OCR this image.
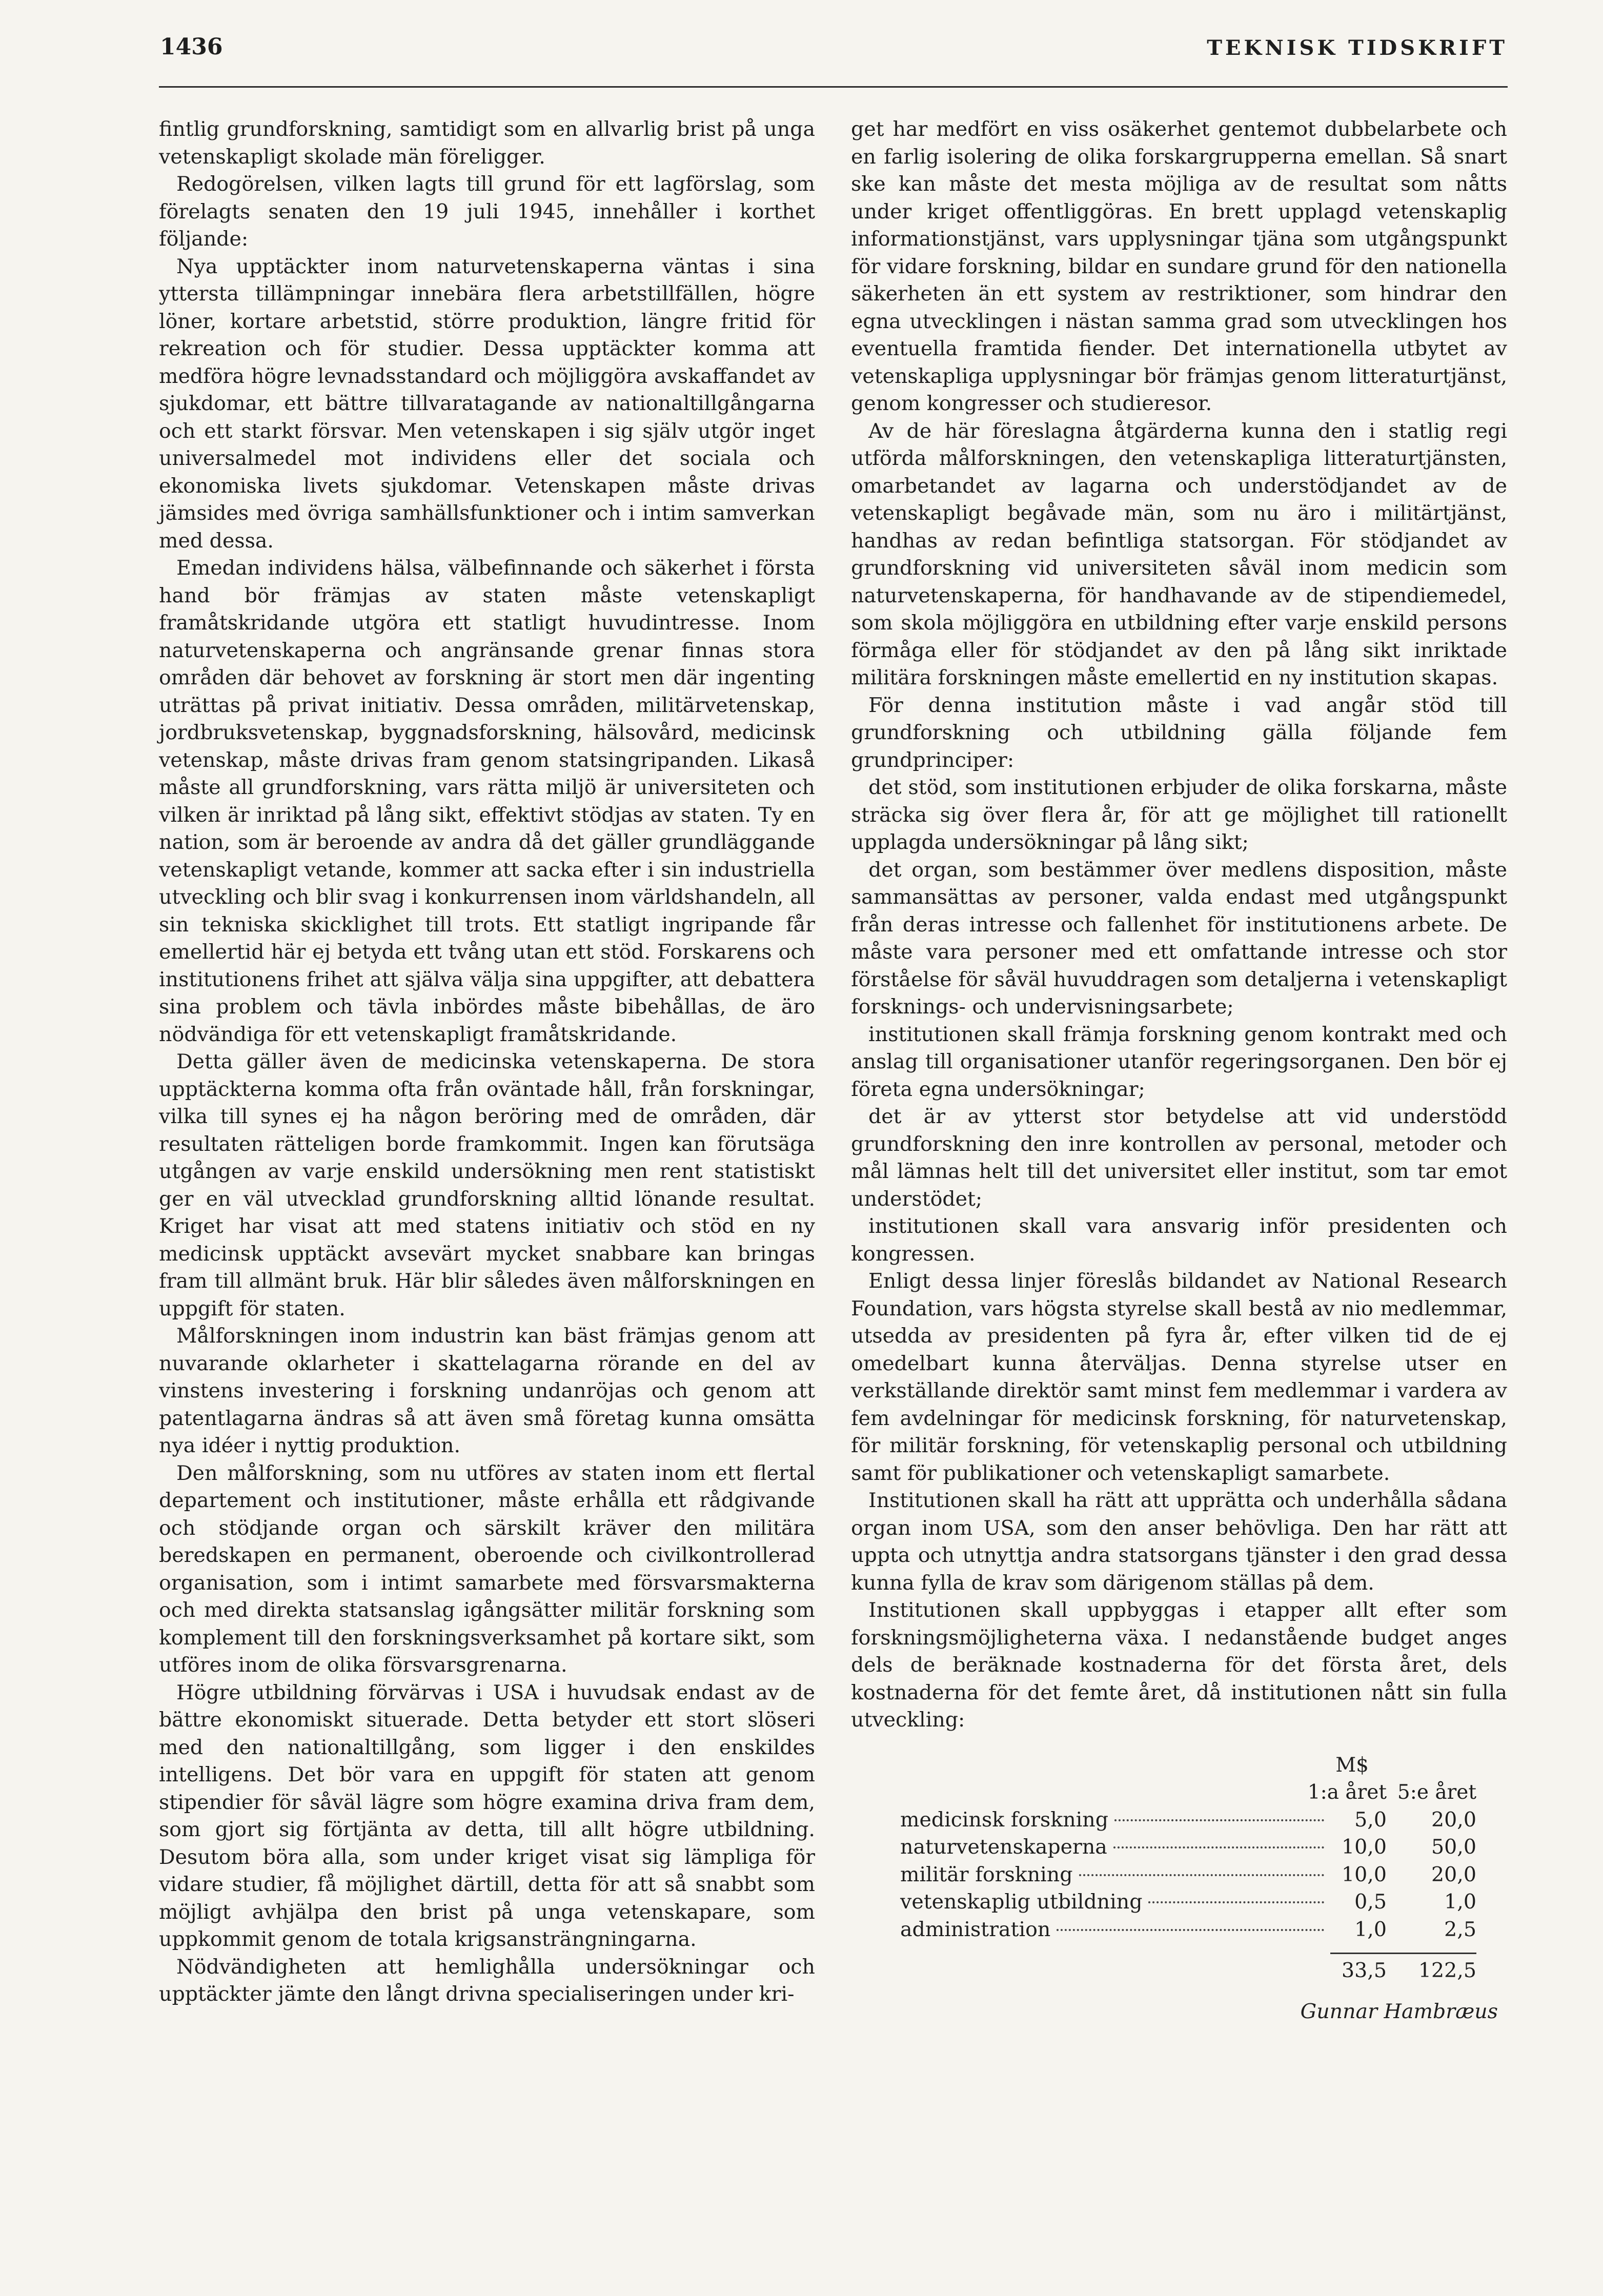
1436	TEKNISK TIDSKRIFT

fintlig grundforskning, samtidigt som en allvarlig brist på unga vetenskapligt skolade män föreligger.

Redogörelsen, vilken lagts till grund för ett lagförslag, som förelagts senaten den 19 juli 1945, innehåller i korthet följande:

Nya upptäckter inom naturvetenskaperna väntas i sina yttersta tillämpningar innebära flera arbetstillfällen, högre löner, kortare arbetstid, större produktion, längre fritid för rekreation och för studier. Dessa upptäckter komma att medföra högre levnadsstandard och möjliggöra avskaffandet av sjukdomar, ett bättre tillvaratagande av nationaltillgångarna och ett starkt försvar. Men vetenskapen i sig själv utgör inget universalmedel mot individens eller det sociala och ekonomiska livets sjukdomar. Vetenskapen måste drivas jämsides med övriga samhällsfunktioner och i intim samverkan med dessa.

Emedan individens hälsa, välbefinnande och säkerhet i första hand bör främjas av staten måste vetenskapligt framåtskridande utgöra ett statligt huvudintresse. Inom naturvetenskaperna och angränsande grenar finnas stora områden där behovet av forskning är stort men där ingenting uträttas på privat initiativ. Dessa områden, militärvetenskap, jordbruksvetenskap, byggnadsforskning, hälsovård, medicinsk vetenskap, måste drivas fram genom statsingripanden. Likaså måste all grundforskning, vars rätta miljö är universiteten och vilken är inriktad på lång sikt, effektivt stödjas av staten. Ty en nation, som är beroende av andra då det gäller grundläggande vetenskapligt vetande, kommer att sacka efter i sin industriella utveckling och blir svag i konkurrensen inom världshandeln, all sin tekniska skicklighet till trots. Ett statligt ingripande får emellertid här ej betyda ett tvång utan ett stöd. Forskarens och institutionens frihet att själva välja sina uppgifter, att debattera sina problem och tävla inbördes måste bibehållas, de äro nödvändiga för ett vetenskapligt framåtskridande.

Detta gäller även de medicinska vetenskaperna. De stora upptäckterna komma ofta från oväntade håll, från forskningar, vilka till synes ej ha någon beröring med de områden, där resultaten rätteligen borde framkommit. Ingen kan förutsäga utgången av varje enskild undersökning men rent statistiskt ger en väl utvecklad grundforskning alltid lönande resultat. Kriget har visat att med statens initiativ och stöd en ny medicinsk upptäckt avsevärt mycket snabbare kan bringas fram till allmänt bruk. Här blir således även målforskningen en uppgift för staten.

Målforskningen inom industrin kan bäst främjas genom att nuvarande oklarheter i skattelagarna rörande en del av vinstens investering i forskning undanröjas och genom att patentlagarna ändras så att även små företag kunna omsätta nya idéer i nyttig produktion.

Den målforskning, som nu utföres av staten inom ett flertal departement och institutioner, måste erhålla ett rådgivande och stödjande organ och särskilt kräver den militära beredskapen en permanent, oberoende och civilkontrollerad organisation, som i intimt samarbete med försvarsmakterna och med direkta statsanslag igångsätter militär forskning som komplement till den forskningsverksamhet på kortare sikt, som utföres inom de olika försvarsgrenarna.

Högre utbildning förvärvas i USA i huvudsak endast av de bättre ekonomiskt situerade. Detta betyder ett stort slöseri med den nationaltillgång, som ligger i den enskildes intelligens. Det bör vara en uppgift för staten att genom stipendier för såväl lägre som högre examina driva fram dem, som gjort sig förtjänta av detta, till allt högre utbildning. Desutom böra alla, som under kriget visat sig lämpliga för vidare studier, få möjlighet därtill, detta för att så snabbt som möjligt avhjälpa den brist på unga vetenskapare, som uppkommit genom de totala krigsansträngningarna.

Nödvändigheten att hemlighålla undersökningar och upptäckter jämte den långt drivna specialiseringen under kri-

get har medfört en viss osäkerhet gentemot dubbelarbete och en farlig isolering de olika forskargrupperna emellan. Så snart ske kan måste det mesta möjliga av de resultat som nåtts under kriget offentliggöras. En brett upplagd vetenskaplig informationstjänst, vars upplysningar tjäna som utgångspunkt för vidare forskning, bildar en sundare grund för den nationella säkerheten än ett system av restriktioner, som hindrar den egna utvecklingen i nästan samma grad som utvecklingen hos eventuella framtida fiender. Det internationella utbytet av vetenskapliga upplysningar bör främjas genom litteraturtjänst, genom kongresser och studieresor.

Av de här föreslagna åtgärderna kunna den i statlig regi utförda målforskningen, den vetenskapliga litteraturtjänsten, omarbetandet av lagarna och understödjandet av de vetenskapligt begåvade män, som nu äro i militärtjänst, handhas av redan befintliga statsorgan. För stödjandet av grundforskning vid universiteten såväl inom medicin som naturvetenskaperna, för handhavande av de stipendiemedel, som skola möjliggöra en utbildning efter varje enskild persons förmåga eller för stödjandet av den på lång sikt inriktade militära forskningen måste emellertid en ny institution skapas.

För denna institution måste i vad angår stöd till grundforskning och utbildning gälla följande fem grundprinciper:

det stöd, som institutionen erbjuder de olika forskarna, måste sträcka sig över flera år, för att ge möjlighet till rationellt upplagda undersökningar på lång sikt;

det organ, som bestämmer över medlens disposition, måste sammansättas av personer, valda endast med utgångspunkt från deras intresse och fallenhet för institutionens arbete. De måste vara personer med ett omfattande intresse och stor förståelse för såväl huvuddragen som detaljerna i vetenskapligt forsknings- och undervisningsarbete;

institutionen skall främja forskning genom kontrakt med och anslag till organisationer utanför regeringsorganen. Den bör ej företa egna undersökningar;

det är av ytterst stor betydelse att vid understödd grundforskning den inre kontrollen av personal, metoder och mål lämnas helt till det universitet eller institut, som tar emot understödet;

institutionen skall vara ansvarig inför presidenten och kongressen.

Enligt dessa linjer föreslås bildandet av National Research Foundation, vars högsta styrelse skall bestå av nio medlemmar, utsedda av presidenten på fyra år, efter vilken tid de ej omedelbart kunna återväljas. Denna styrelse utser en verkställande direktör samt minst fem medlemmar i vardera av fem avdelningar för medicinsk forskning, för naturvetenskap, för militär forskning, för vetenskaplig personal och utbildning samt för publikationer och vetenskapligt samarbete.

Institutionen skall ha rätt att upprätta och underhålla sådana organ inom USA, som den anser behövliga. Den har rätt att uppta och utnyttja andra statsorgans tjänster i den grad dessa kunna fylla de krav som därigenom ställas på dem.

Institutionen skall uppbyggas i etapper allt efter som forskningsmöjligheterna växa. I nedanstående budget anges dels de beräknade kostnaderna för det första året, dels kostnaderna för det femte året, då institutionen nått sin fulla utveckling:

M$
1:a året 5:e året
medicinsk forskning	5,0	20,0
naturvetenskaperna	10,0	50,0
militär forskning	10,0	20,0
vetenskaplig utbildning	0,5	1,0
administration	1,0	2,5
33,5	122,5
Gunnar Hambræus
